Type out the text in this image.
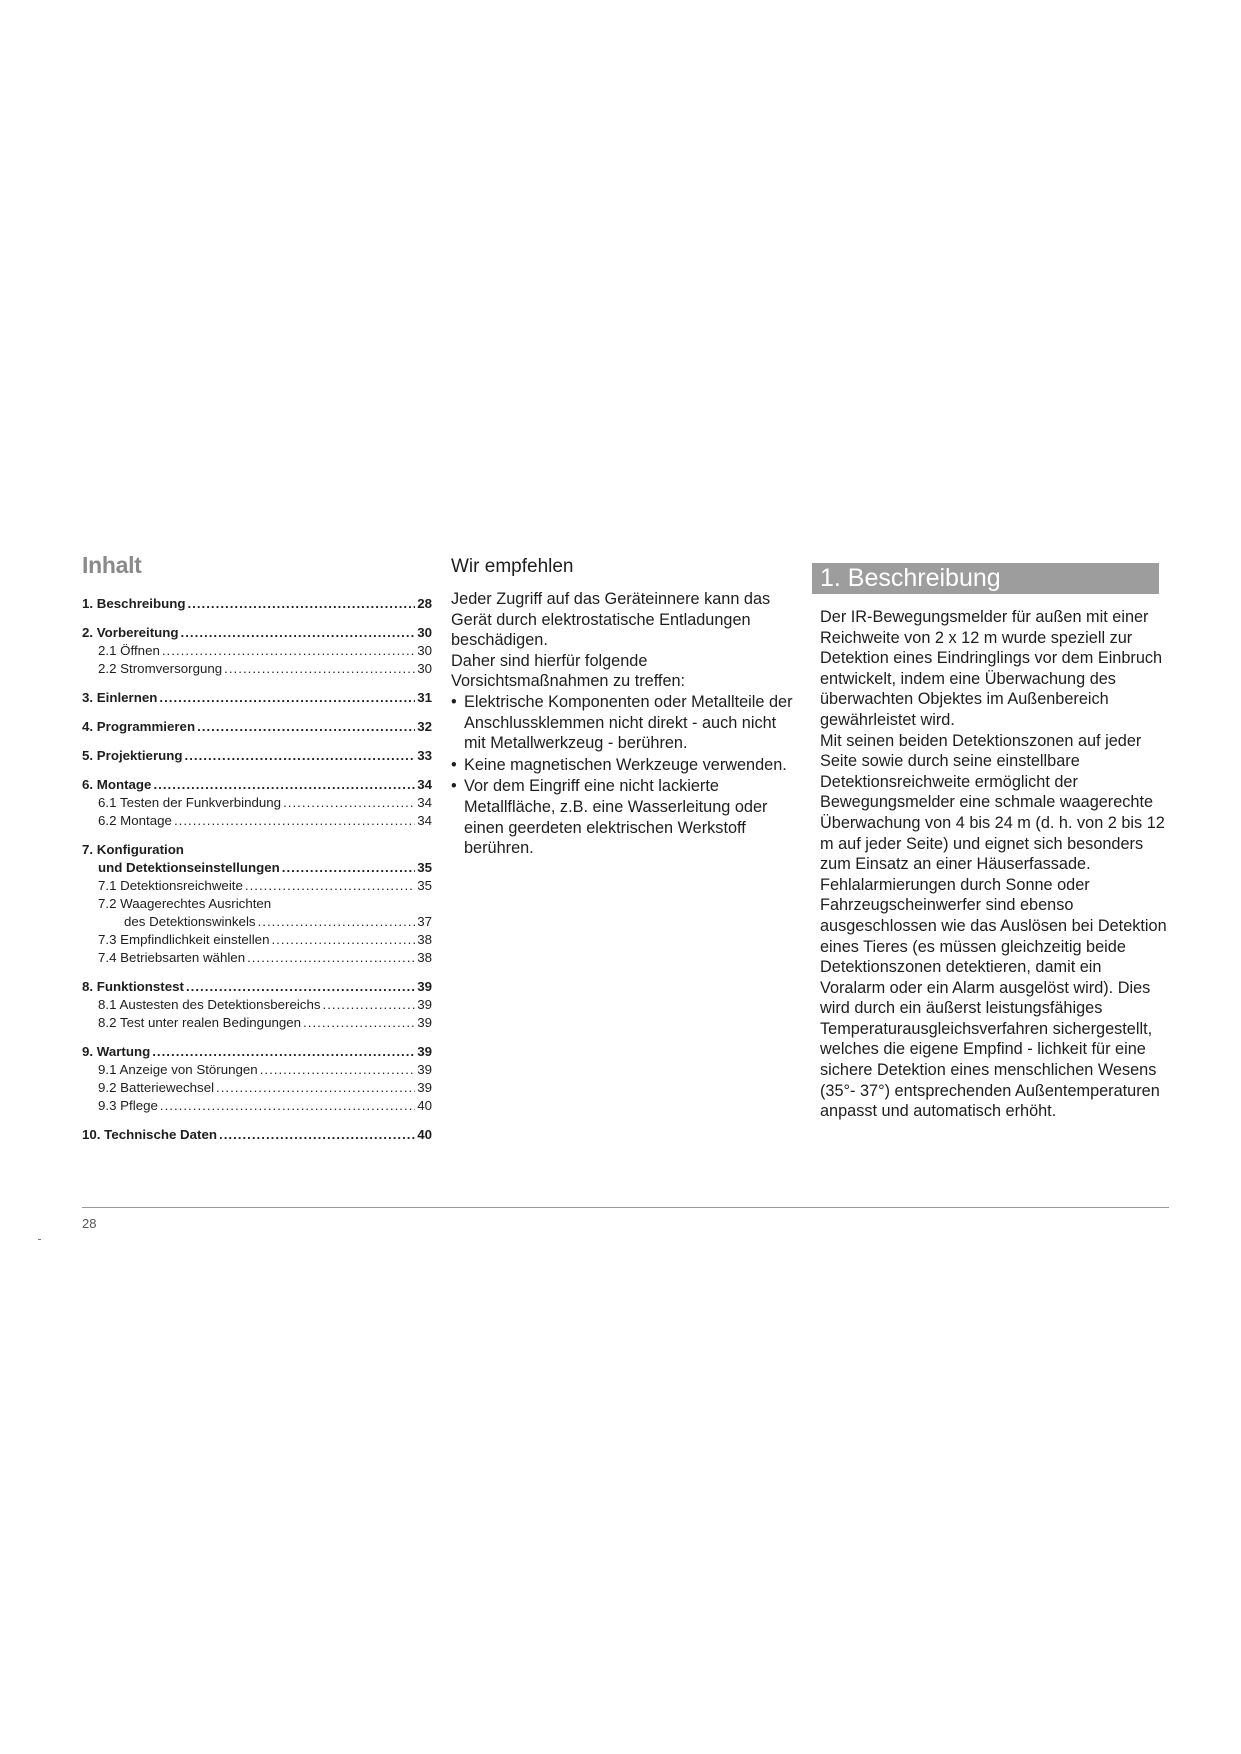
Inhalt
1. Beschreibung .....	28
2. Vorbereitung .....	30
2.1 Öffnen .....	30
2.2 Stromversorgung .....	30
3. Einlernen .....	31
4. Programmieren .....	32
5. Projektierung .....	33
6. Montage .....	34
6.1 Testen der Funkverbindung .....	34
6.2 Montage .....	34
7. Konfiguration
und Detektionseinstellungen .....	35
7.1 Detektionsreichweite .....	35
7.2 Waagerechtes Ausrichten
des Detektionswinkels .....	37
7.3 Empfindlichkeit einstellen .....	38
7.4 Betriebsarten wählen .....	38
8. Funktionstest .....	39
8.1 Austesten des Detektionsbereichs .....	39
8.2 Test unter realen Bedingungen .....	39
9. Wartung .....	39
9.1 Anzeige von Störungen .....	39
9.2 Batteriewechsel .....	39
9.3 Pflege .....	40
10. Technische Daten .....	40
Wir empfehlen

Jeder Zugriff auf das Geräteinnere kann das Gerät durch elektrostatische Entladungen beschädigen.

Daher sind hierfür folgende Vorsichtsmaßnahmen zu treffen:

• Elektrische Komponenten oder Metallteile der Anschlussklemmen nicht direkt - auch nicht mit Metallwerkzeug - berühren.
• Keine magnetischen Werkzeuge verwenden.
• Vor dem Eingriff eine nicht lackierte Metallfläche, z.B. eine Wasserleitung oder einen geerdeten elektrischen Werkstoff berühren.
1. Beschreibung

Der IR-Bewegungsmelder für außen mit einer Reichweite von 2 x 12 m wurde speziell zur Detektion eines Eindringlings vor dem Einbruch entwickelt, indem eine Überwachung des überwachten Objektes im Außenbereich gewährleistet wird.

Mit seinen beiden Detektionszonen auf jeder Seite sowie durch seine einstellbare Detektionsreichweite ermöglicht der Bewegungsmelder eine schmale waagerechte Überwachung von 4 bis 24 m (d. h. von 2 bis 12 m auf jeder Seite) und eignet sich besonders zum Einsatz an einer Häuserfassade.

Fehlalarmierungen durch Sonne oder Fahrzeugscheinwerfer sind ebenso ausgeschlossen wie das Auslösen bei Detektion eines Tieres (es müssen gleichzeitig beide Detektionszonen detektieren, damit ein Voralarm oder ein Alarm ausgelöst wird). Dies wird durch ein äußerst leistungsfähiges Temperaturausgleichsverfahren sichergestellt, welches die eigene Empfind - lichkeit für eine sichere Detektion eines menschlichen Wesens (35°- 37°) entsprechenden Außentemperaturen anpasst und automatisch erhöht.

28
